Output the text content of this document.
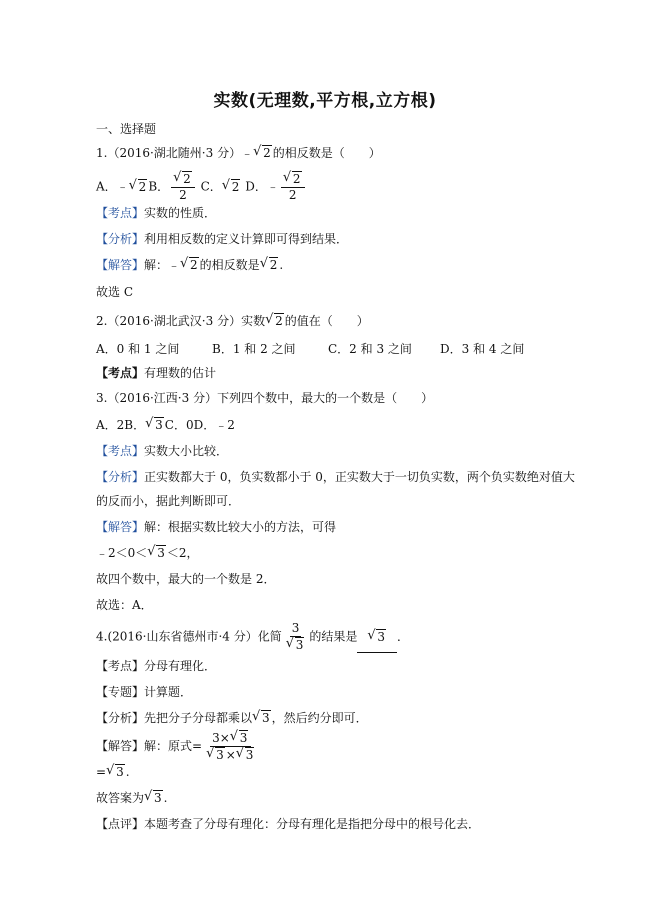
实数(无理数,平方根,立方根)
一、选择题
1.（2016·湖北随州·3 分）﹣ √ 2 的相反数是（　　）
A．﹣ √ 2 B． $\frac{√ 2}{2}$ C． √ 2 D．﹣ $\frac{√ 2}{2}$
【考点】实数的性质．
【分析】利用相反数的定义计算即可得到结果．
【解答】解：﹣ √ 2 的相反数是 √ 2 .
故选 C
2.（2016·湖北武汉·3 分）实数 √ 2 的值在（　　）
A．0 和 1 之间	B．1 和 2 之间	C．2 和 3 之间 D．3 和 4 之间
【考点】有理数的估计
3.（2016·江西·3 分）下列四个数中，最大的一个数是（　　）
A．2B． √ 3 C．0D．﹣2
【考点】实数大小比较．
【分析】正实数都大于 0，负实数都小于 0，正实数大于一切负实数，两个负实数绝对值大
的反而小，据此判断即可．
【解答】解：根据实数比较大小的方法，可得
﹣2＜0＜ √ 3 ＜2，
故四个数中，最大的一个数是 2．
故选：A．
4.(2016·山东省德州市·4 分）化简 $\frac{3}{√ 3}$ 的结果是 √ 3 ．
【考点】分母有理化．
【专题】计算题．
【分析】先把分子分母都乘以 √ 3 ，然后约分即可．
【解答】解：原式= $\frac{3\times √ 3}{√ 3 \times √ 3}$
= √ 3 .
故答案为 √ 3 .
【点评】本题考查了分母有理化：分母有理化是指把分母中的根号化去．
